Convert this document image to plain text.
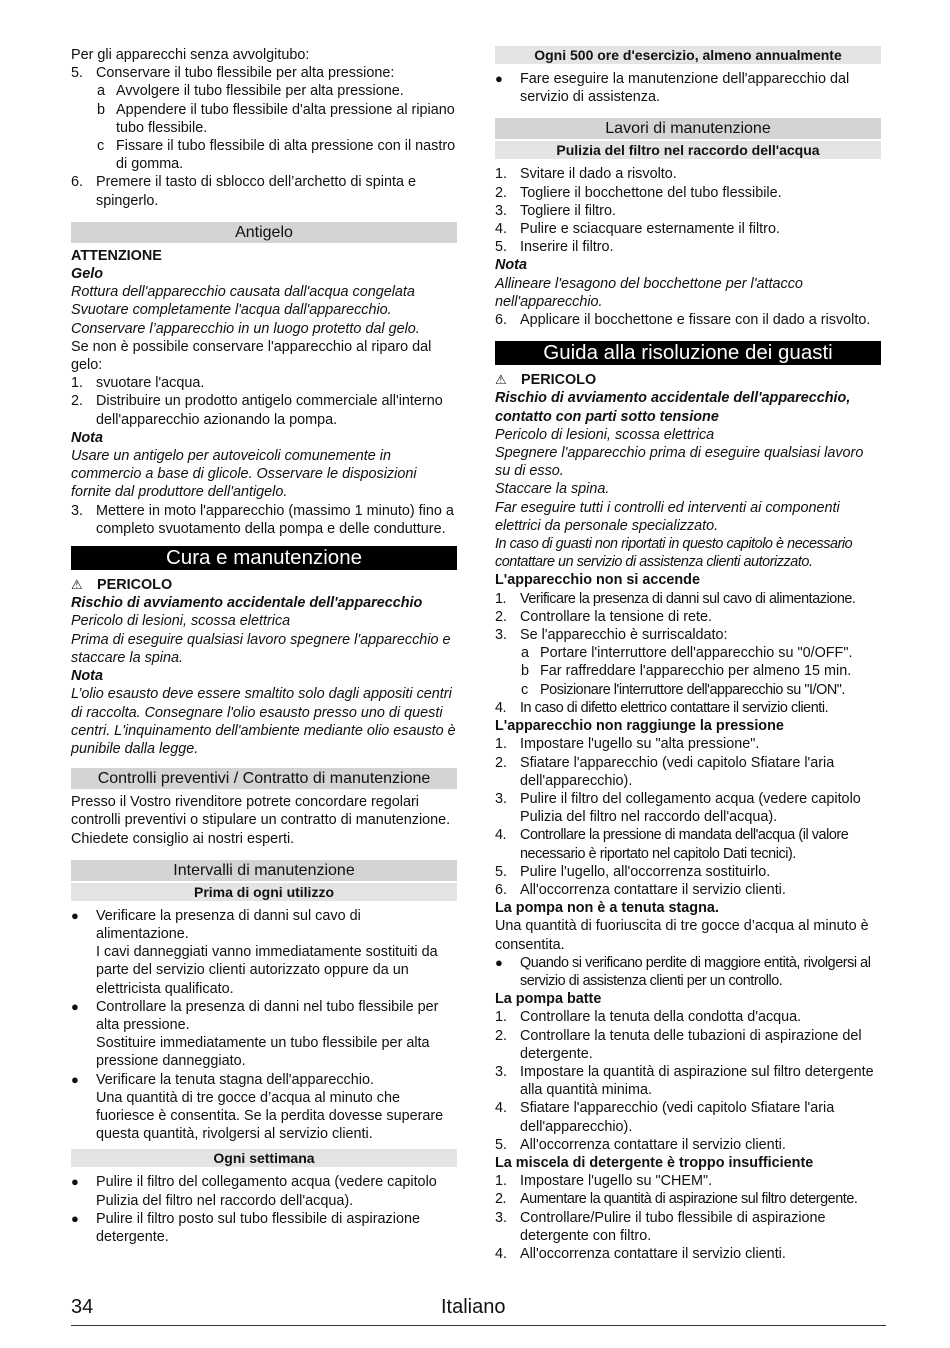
Per gli apparecchi senza avvolgitubo:

5. Conservare il tubo flessibile per alta pressione:
a Avvolgere il tubo flessibile per alta pressione.
b Appendere il tubo flessibile d'alta pressione al ripiano tubo flessibile.
c Fissare il tubo flessibile di alta pressione con il nastro di gomma.
6. Premere il tasto di sblocco dell’archetto di spinta e spingerlo.
Antigelo

ATTENZIONE

Gelo

Rottura dell'apparecchio causata dall'acqua congelata

Svuotare completamente l'acqua dall'apparecchio.

Conservare l’apparecchio in un luogo protetto dal gelo.

Se non è possibile conservare l'apparecchio al riparo dal gelo:

1. svuotare l'acqua.
2. Distribuire un prodotto antigelo commerciale all'interno dell'apparecchio azionando la pompa.

Nota

Usare un antigelo per autoveicoli comunemente in commercio a base di glicole. Osservare le disposizioni fornite dal produttore dell'antigelo.

3. Mettere in moto l'apparecchio (massimo 1 minuto) fino a completo svuotamento della pompa e delle condutture.
Cura e manutenzione

⚠ PERICOLO

Rischio di avviamento accidentale dell'apparecchio

Pericolo di lesioni, scossa elettrica

Prima di eseguire qualsiasi lavoro spegnere l'apparecchio e staccare la spina.

Nota

L’olio esausto deve essere smaltito solo dagli appositi centri di raccolta. Consegnare l'olio esausto presso uno di questi centri. L'inquinamento dell'ambiente mediante olio esausto è punibile dalla legge.

Controlli preventivi / Contratto di manutenzione

Presso il Vostro rivenditore potrete concordare regolari controlli preventivi o stipulare un contratto di manutenzione. Chiedete consiglio ai nostri esperti.

Intervalli di manutenzione
Prima di ogni utilizzo
● Verificare la presenza di danni sul cavo di alimentazione.

I cavi danneggiati vanno immediatamente sostituiti da parte del servizio clienti autorizzato oppure da un elettricista qualificato.

● Controllare la presenza di danni nel tubo flessibile per alta pressione.

Sostituire immediatamente un tubo flessibile per alta pressione danneggiato.

● Verificare la tenuta stagna dell'apparecchio.

Una quantità di tre gocce d’acqua al minuto che fuoriesce è consentita. Se la perdita dovesse superare questa quantità, rivolgersi al servizio clienti.

Ogni settimana
● Pulire il filtro del collegamento acqua (vedere capitolo Pulizia del filtro nel raccordo dell'acqua).
● Pulire il filtro posto sul tubo flessibile di aspirazione detergente.
Ogni 500 ore d'esercizio, almeno annualmente
● Fare eseguire la manutenzione dell'apparecchio dal servizio di assistenza.
Lavori di manutenzione
Pulizia del filtro nel raccordo dell'acqua
1. Svitare il dado a risvolto.
2. Togliere il bocchettone del tubo flessibile.
3. Togliere il filtro.
4. Pulire e sciacquare esternamente il filtro.
5. Inserire il filtro.

Nota

Allineare l'esagono del bocchettone per l'attacco nell'apparecchio.

6. Applicare il bocchettone e fissare con il dado a risvolto.
Guida alla risoluzione dei guasti

⚠ PERICOLO

Rischio di avviamento accidentale dell'apparecchio, contatto con parti sotto tensione

Pericolo di lesioni, scossa elettrica

Spegnere l'apparecchio prima di eseguire qualsiasi lavoro su di esso.

Staccare la spina.

Far eseguire tutti i controlli ed interventi ai componenti elettrici da personale specializzato.

In caso di guasti non riportati in questo capitolo è necessario contattare un servizio di assistenza clienti autorizzato.

L'apparecchio non si accende

1. Verificare la presenza di danni sul cavo di alimentazione.
2. Controllare la tensione di rete.
3. Se l'apparecchio è surriscaldato:
a Portare l'interruttore dell'apparecchio su "0/OFF".
b Far raffreddare l'apparecchio per almeno 15 min.
c Posizionare l'interruttore dell'apparecchio su "I/ON".
4. In caso di difetto elettrico contattare il servizio clienti.

L'apparecchio non raggiunge la pressione

1. Impostare l'ugello su "alta pressione".
2. Sfiatare l'apparecchio (vedi capitolo Sfiatare l'aria dell'apparecchio).
3. Pulire il filtro del collegamento acqua (vedere capitolo Pulizia del filtro nel raccordo dell'acqua).
4. Controllare la pressione di mandata dell'acqua (il valore necessario è riportato nel capitolo Dati tecnici).
5. Pulire l'ugello, all'occorrenza sostituirlo.
6. All'occorrenza contattare il servizio clienti.

La pompa non è a tenuta stagna.

Una quantità di fuoriuscita di tre gocce d’acqua al minuto è consentita.

● Quando si verificano perdite di maggiore entità, rivolgersi al servizio di assistenza clienti per un controllo.

La pompa batte

1. Controllare la tenuta della condotta d'acqua.
2. Controllare la tenuta delle tubazioni di aspirazione del detergente.
3. Impostare la quantità di aspirazione sul filtro detergente alla quantità minima.
4. Sfiatare l'apparecchio (vedi capitolo Sfiatare l'aria dell'apparecchio).
5. All'occorrenza contattare il servizio clienti.

La miscela di detergente è troppo insufficiente

1. Impostare l'ugello su "CHEM".
2. Aumentare la quantità di aspirazione sul filtro detergente.
3. Controllare/Pulire il tubo flessibile di aspirazione detergente con filtro.
4. All'occorrenza contattare il servizio clienti.
34	Italiano
